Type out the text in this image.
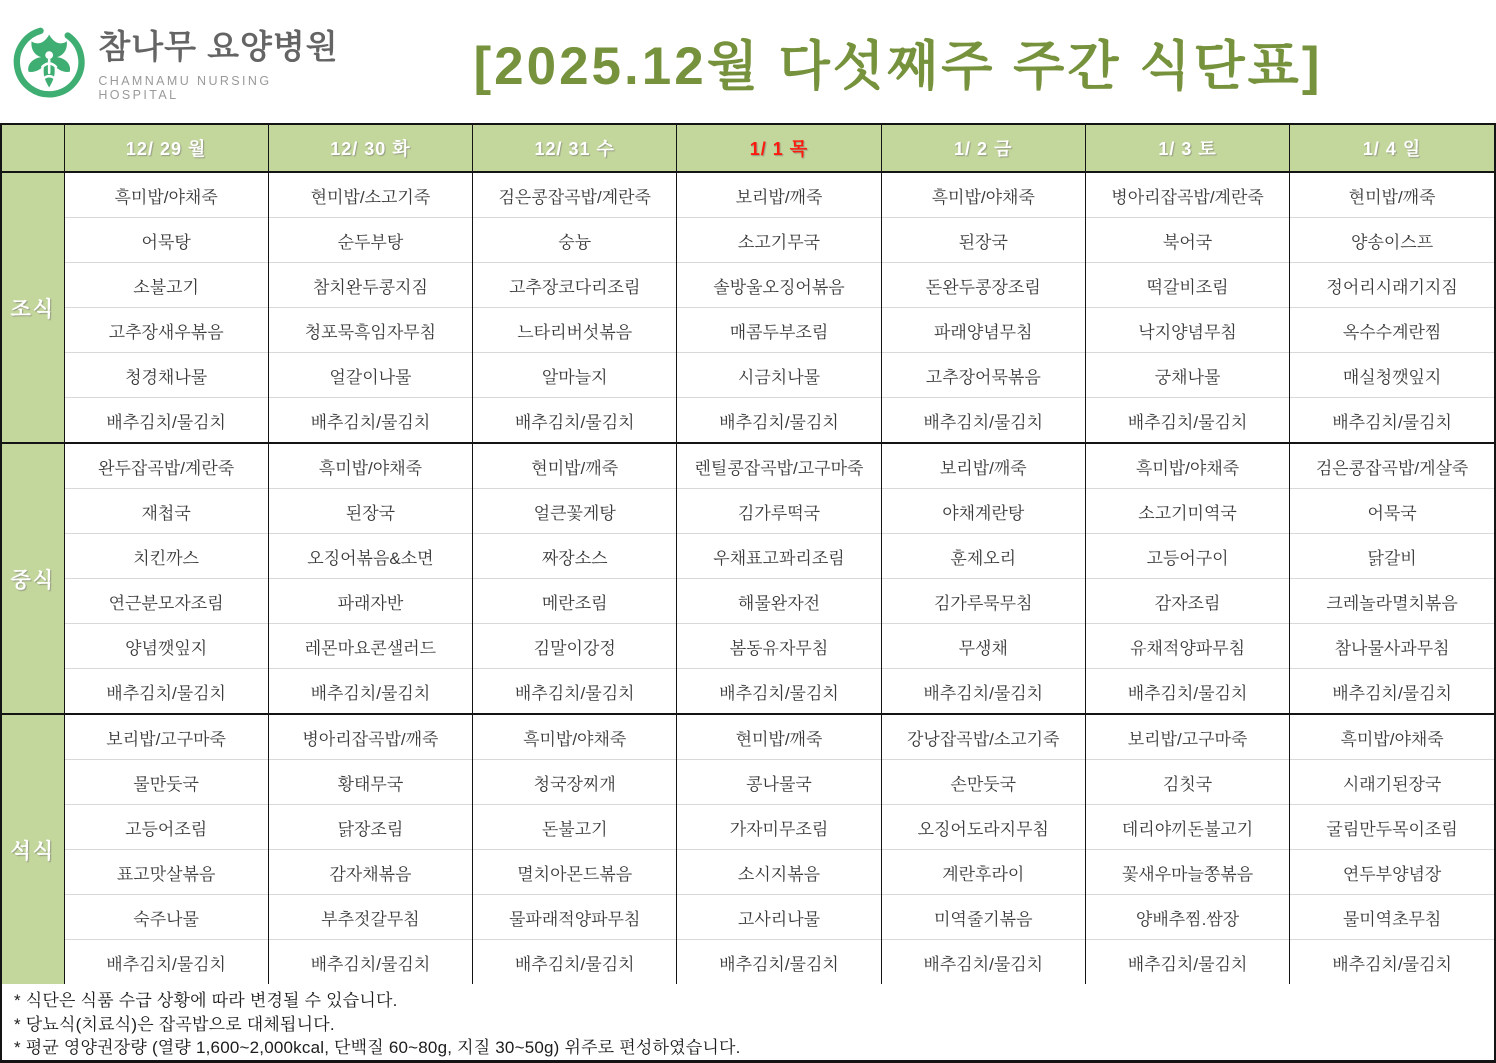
참나무 요양병원
CHAMNAMU NURSING HOSPITAL	[2025.12월 다섯째주 주간 식단표]
	12/ 29 월	12/ 30 화	12/ 31 수	1/ 1 목	1/ 2 금	1/ 3 토	1/ 4 일
조식	흑미밥/야채죽	현미밥/소고기죽	검은콩잡곡밥/계란죽	보리밥/깨죽	흑미밥/야채죽	병아리잡곡밥/계란죽	현미밥/깨죽
	어묵탕	순두부탕	숭늉	소고기무국	된장국	북어국	양송이스프
	소불고기	참치완두콩지짐	고추장코다리조림	솔방울오징어볶음	돈완두콩장조림	떡갈비조림	정어리시래기지짐
	고추장새우볶음	청포묵흑임자무침	느타리버섯볶음	매콤두부조림	파래양념무침	낙지양념무침	옥수수계란찜
	청경채나물	얼갈이나물	알마늘지	시금치나물	고추장어묵볶음	궁채나물	매실청깻잎지
	배추김치/물김치	배추김치/물김치	배추김치/물김치	배추김치/물김치	배추김치/물김치	배추김치/물김치	배추김치/물김치
중식	완두잡곡밥/계란죽	흑미밥/야채죽	현미밥/깨죽	렌틸콩잡곡밥/고구마죽	보리밥/깨죽	흑미밥/야채죽	검은콩잡곡밥/게살죽
	재첩국	된장국	얼큰꽃게탕	김가루떡국	야채계란탕	소고기미역국	어묵국
	치킨까스	오징어볶음&소면	짜장소스	우채표고꽈리조림	훈제오리	고등어구이	닭갈비
	연근분모자조림	파래자반	메란조림	해물완자전	김가루묵무침	감자조림	크레놀라멸치볶음
	양념깻잎지	레몬마요콘샐러드	김말이강정	봄동유자무침	무생채	유채적양파무침	참나물사과무침
	배추김치/물김치	배추김치/물김치	배추김치/물김치	배추김치/물김치	배추김치/물김치	배추김치/물김치	배추김치/물김치
석식	보리밥/고구마죽	병아리잡곡밥/깨죽	흑미밥/야채죽	현미밥/깨죽	강낭잡곡밥/소고기죽	보리밥/고구마죽	흑미밥/야채죽
	물만둣국	황태무국	청국장찌개	콩나물국	손만둣국	김칫국	시래기된장국
	고등어조림	닭장조림	돈불고기	가자미무조림	오징어도라지무침	데리야끼돈불고기	굴림만두목이조림
	표고맛살볶음	감자채볶음	멸치아몬드볶음	소시지볶음	계란후라이	꽃새우마늘쫑볶음	연두부양념장
	숙주나물	부추젓갈무침	물파래적양파무침	고사리나물	미역줄기볶음	양배추찜.쌈장	물미역초무침
	배추김치/물김치	배추김치/물김치	배추김치/물김치	배추김치/물김치	배추김치/물김치	배추김치/물김치	배추김치/물김치
* 식단은 식품 수급 상황에 따라 변경될 수 있습니다.
* 당뇨식(치료식)은 잡곡밥으로 대체됩니다.
* 평균 영양권장량 (열량 1,600~2,000kcal, 단백질 60~80g, 지질 30~50g) 위주로 편성하였습니다.
